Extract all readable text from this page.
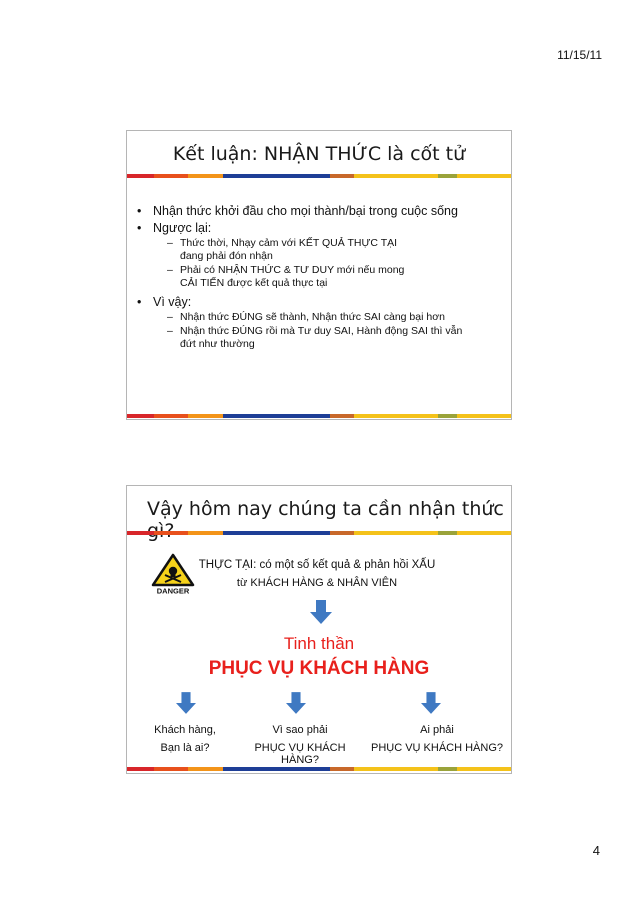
11/15/11
Kết luận: NHẬN THỨC là cốt tử
• Nhận thức khởi đầu cho mọi thành/bại trong cuộc sống
• Ngược lại:
– Thức thời, Nhạy cảm với KẾT QUẢ THỰC TẠI đang phải đón nhận
– Phải có NHẬN THỨC & TƯ DUY mới nếu mong CẢI TIẾN được kết quả thực tại
• Vì vậy:
– Nhận thức ĐÚNG sẽ thành, Nhận thức SAI càng bại hơn
– Nhận thức ĐÚNG rồi mà Tư duy SAI, Hành động SAI thì vẫn đứt như thường
Vậy hôm nay chúng ta cần nhận thức
DANGER
THỰC TẠI: có một số kết quả & phản hồi XẤU
từ KHÁCH HÀNG & NHÂN VIÊN
Tinh thần
PHỤC VỤ KHÁCH HÀNG
Khách hàng,
Bạn là ai?
Vì sao phải
PHỤC VỤ KHÁCH HÀNG?
Ai phải
PHỤC VỤ KHÁCH HÀNG?
4
